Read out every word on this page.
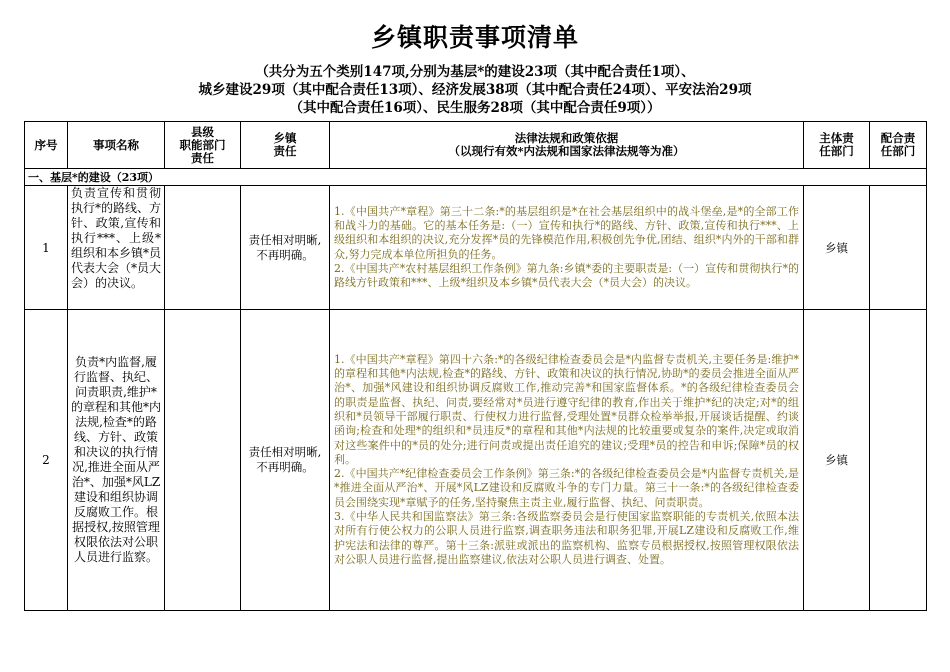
乡镇职责事项清单
（共分为五个类别147项,分别为基层*的建设23项（其中配合责任1项）、
城乡建设29项（其中配合责任13项）、经济发展38项（其中配合责任24项）、平安法治29项
（其中配合责任16项）、民生服务28项（其中配合责任9项））
序号	事项名称	县级
职能部门
责任	乡镇
责任	法律法规和政策依据
（以现行有效*内法规和国家法律法规等为准）	主体责
任部门	配合责
任部门
一、基层*的建设（23项）						
1	负责宣传和贯彻执行*的路线、方针、政策,宣传和执行***、上级*组织和本乡镇*员代表大会（*员大会）的决议。		责任相对明晰,不再明确。	1.《中国共产*章程》第三十二条:*的基层组织是*在社会基层组织中的战斗堡垒,是*的全部工作和战斗力的基础。它的基本任务是:（一）宣传和执行*的路线、方针、政策,宣传和执行***、上级组织和本组织的决议,充分发挥*员的先锋模范作用,积极创先争优,团结、组织*内外的干部和群众,努力完成本单位所担负的任务。

2.《中国共产*农村基层组织工作条例》第九条:乡镇*委的主要职责是:（一）宣传和贯彻执行*的路线方针政策和***、上级*组织及本乡镇*员代表大会（*员大会）的决议。	乡镇	
2	负责*内监督,履行监督、执纪、问责职责,维护*的章程和其他*内法规,检查*的路线、方针、政策和决议的执行情况,推进全面从严治*、加强*风LZ建设和组织协调反腐败工作。根据授权,按照管理权限依法对公职人员进行监察。		责任相对明晰,不再明确。	1.《中国共产*章程》第四十六条:*的各级纪律检查委员会是*内监督专责机关,主要任务是:维护*的章程和其他*内法规,检查*的路线、方针、政策和决议的执行情况,协助*的委员会推进全面从严治*、加强*风建设和组织协调反腐败工作,推动完善*和国家监督体系。*的各级纪律检查委员会的职责是监督、执纪、问责,要经常对*员进行遵守纪律的教育,作出关于维护*纪的决定;对*的组织和*员领导干部履行职责、行使权力进行监督,受理处置*员群众检举举报,开展谈话提醒、约谈函询;检查和处理*的组织和*员违反*的章程和其他*内法规的比较重要或复杂的案件,决定或取消对这些案件中的*员的处分;进行问责或提出责任追究的建议;受理*员的控告和申诉;保障*员的权利。

2.《中国共产*纪律检查委员会工作条例》第三条:*的各级纪律检查委员会是*内监督专责机关,是*推进全面从严治*、开展*风LZ建设和反腐败斗争的专门力量。第三十一条:*的各级纪律检查委员会围绕实现*章赋予的任务,坚持聚焦主责主业,履行监督、执纪、问责职责。

3.《中华人民共和国监察法》第三条:各级监察委员会是行使国家监察职能的专责机关,依照本法对所有行使公权力的公职人员进行监察,调查职务违法和职务犯罪,开展LZ建设和反腐败工作,维护宪法和法律的尊严。第十三条:派驻或派出的监察机构、监察专员根据授权,按照管理权限依法对公职人员进行监督,提出监察建议,依法对公职人员进行调查、处置。	乡镇	
